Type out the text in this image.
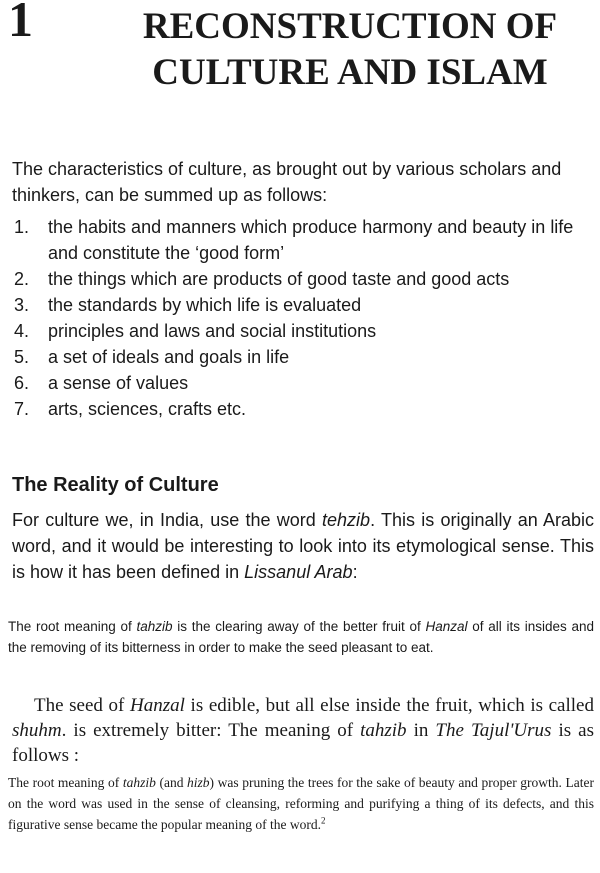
1	RECONSTRUCTION OF
CULTURE AND ISLAM

The characteristics of culture, as brought out by various scholars and thinkers, can be summed up as follows:

1. the habits and manners which produce harmony and beauty in life and constitute the ‘good form’
2. the things which are products of good taste and good acts
3. the standards by which life is evaluated
4. principles and laws and social institutions
5. a set of ideals and goals in life
6. a sense of values
7. arts, sciences, crafts etc.
The Reality of Culture

For culture we, in India, use the word tehzib. This is originally an Arabic word, and it would be interesting to look into its etymological sense. This is how it has been defined in Lissanul Arab:

The root meaning of tahzib is the clearing away of the better fruit of Hanzal of all its insides and the removing of its bitterness in order to make the seed pleasant to eat.

The seed of Hanzal is edible, but all else inside the fruit, which is called shuhm. is extremely bitter: The meaning of tahzib in The Tajul'Urus is as follows :

The root meaning of tahzib (and hizb) was pruning the trees for the sake of beauty and proper growth. Later on the word was used in the sense of cleansing, reforming and purifying a thing of its defects, and this figurative sense became the popular meaning of the word.$^2$
